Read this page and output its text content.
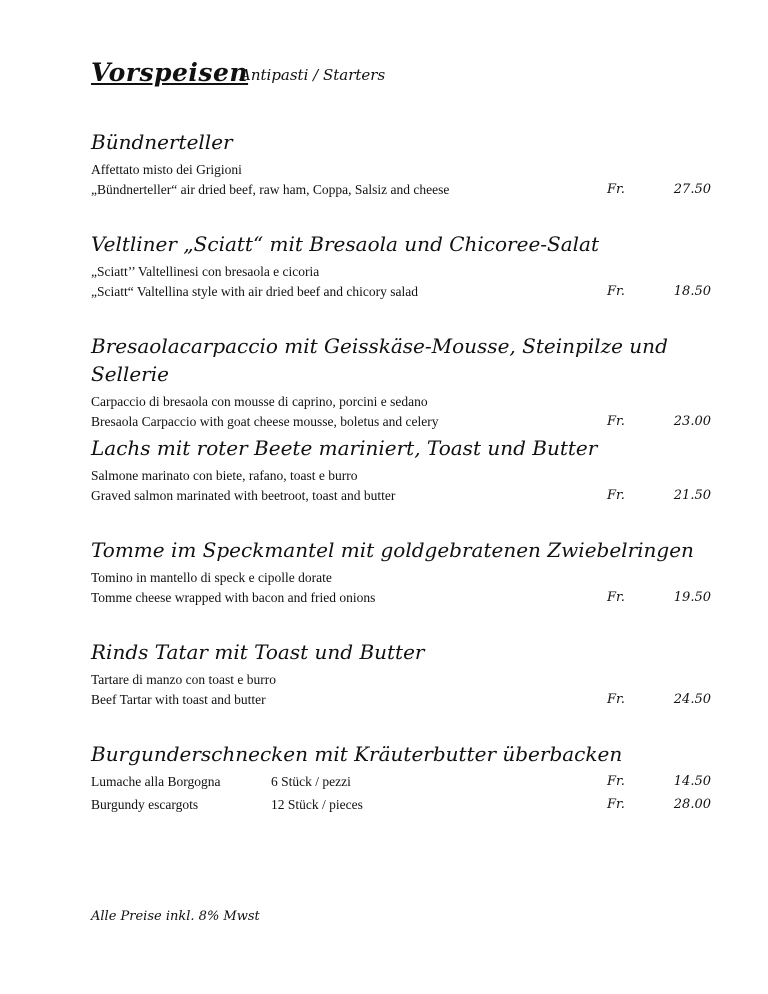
Vorspeisen
Antipasti / Starters
Bündnerteller
Affettato misto dei Grigioni
„Bündnerteller“ air dried beef, raw ham, Coppa, Salsiz and cheese	Fr.	27.50
Veltliner „Sciatt“ mit Bresaola und Chicoree-Salat
„Sciatt’’ Valtellinesi con bresaola e cicoria
„Sciatt“ Valtellina style with air dried beef and chicory salad	Fr.	18.50
Bresaolacarpaccio mit Geisskäse-Mousse, Steinpilze und Sellerie
Carpaccio di bresaola con mousse di caprino, porcini e sedano
Bresaola Carpaccio with goat cheese mousse, boletus and celery	Fr.	23.00
Lachs mit roter Beete mariniert, Toast und Butter
Salmone marinato con biete, rafano, toast e burro
Graved salmon marinated with beetroot, toast and butter	Fr.	21.50
Tomme im Speckmantel mit goldgebratenen Zwiebelringen
Tomino in mantello di speck e cipolle dorate
Tomme cheese wrapped with bacon and fried onions	Fr.	19.50
Rinds Tatar mit Toast und Butter
Tartare di manzo con toast e burro
Beef Tartar with toast and butter	Fr.	24.50
Burgunderschnecken mit Kräuterbutter überbacken
Lumache alla Borgogna	6 Stück / pezzi	Fr.	14.50
Burgundy escargots	12 Stück / pieces	Fr.	28.00
Alle Preise inkl. 8% Mwst
